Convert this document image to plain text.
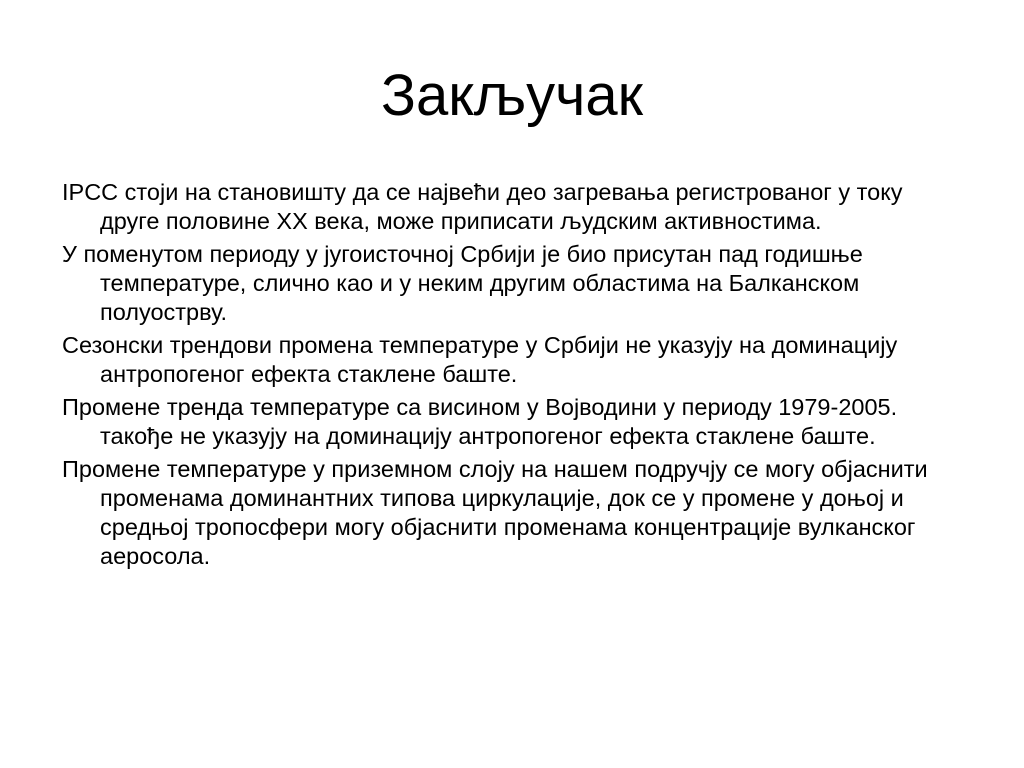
Закључак
IPCC стоји на становишту да се највећи део загревања регистрованог у току друге половине XX века, може приписати људским активностима.
У поменутом периоду у југоисточној Србији је био присутан пад годишње температуре, слично као и у неким другим областима на Балканском полуострву.
Сезонски трендови промена температуре у Србији не указују на доминацију антропогеног ефекта стаклене баште.
Промене тренда температуре са висином у Војводини у периоду 1979-2005. такође не указују на доминацију антропогеног ефекта стаклене баште.
Промене температуре у приземном слоју на нашем подручју се могу објаснити променама доминантних типова циркулације, док се у промене у доњој и средњој тропосфери могу објаснити променама концентрације вулканског аеросола.
